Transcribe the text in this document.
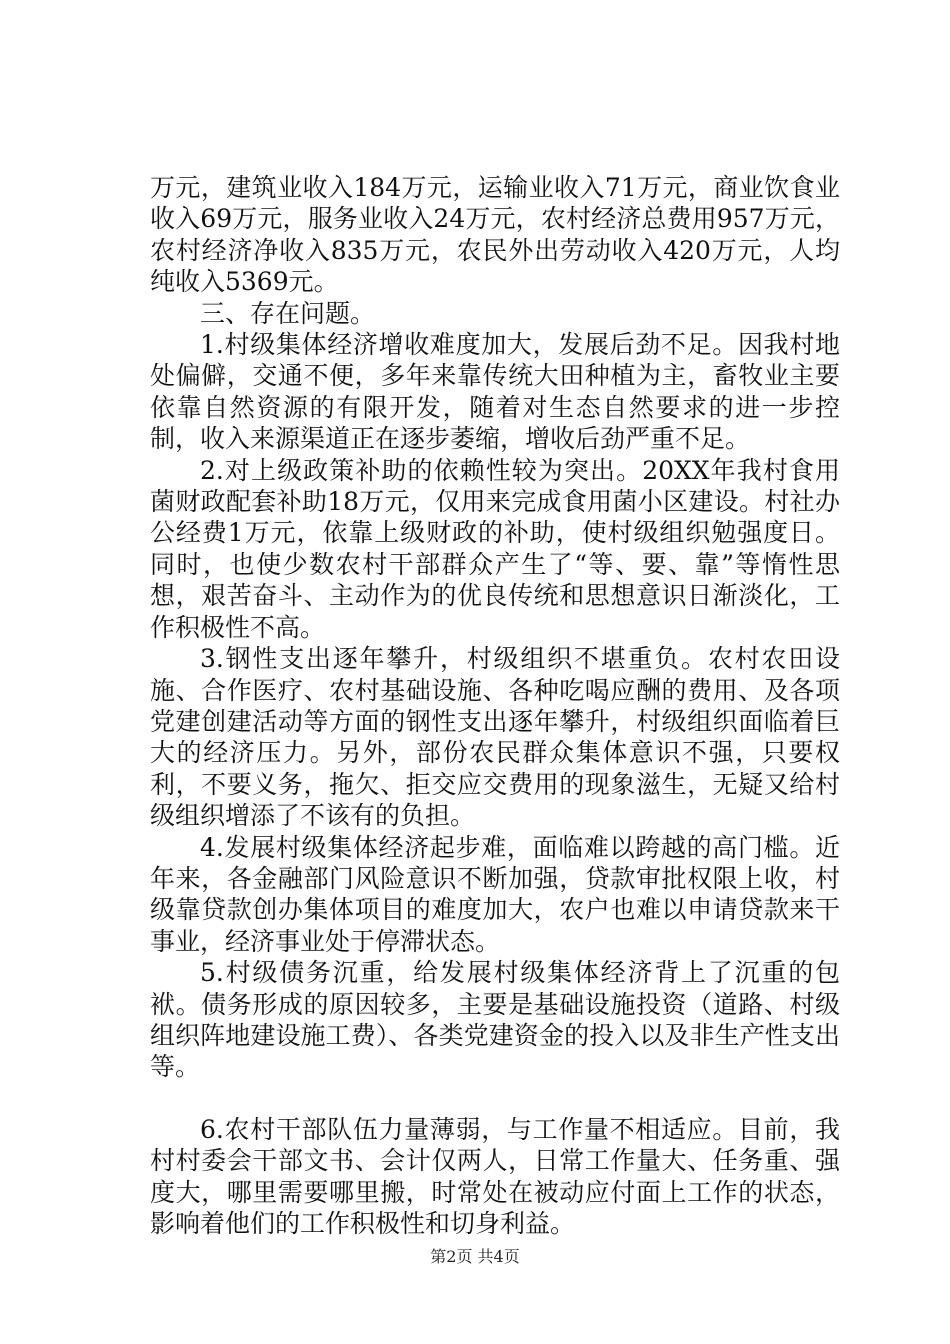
万元，建筑业收入184万元，运输业收入71万元，商业饮食业收入69万元，服务业收入24万元，农村经济总费用957万元，农村经济净收入835万元，农民外出劳动收入420万元，人均纯收入5369元。

三、存在问题。

1.村级集体经济增收难度加大，发展后劲不足。因我村地处偏僻，交通不便，多年来靠传统大田种植为主，畜牧业主要依靠自然资源的有限开发，随着对生态自然要求的进一步控制，收入来源渠道正在逐步萎缩，增收后劲严重不足。

2.对上级政策补助的依赖性较为突出。20XX年我村食用菌财政配套补助18万元，仅用来完成食用菌小区建设。村社办公经费1万元，依靠上级财政的补助，使村级组织勉强度日。同时，也使少数农村干部群众产生了“等、要、靠”等惰性思想，艰苦奋斗、主动作为的优良传统和思想意识日渐淡化，工作积极性不高。

3.钢性支出逐年攀升，村级组织不堪重负。农村农田设施、合作医疗、农村基础设施、各种吃喝应酬的费用、及各项党建创建活动等方面的钢性支出逐年攀升，村级组织面临着巨大的经济压力。另外，部份农民群众集体意识不强，只要权利，不要义务，拖欠、拒交应交费用的现象滋生，无疑又给村级组织增添了不该有的负担。

4.发展村级集体经济起步难，面临难以跨越的高门槛。近年来，各金融部门风险意识不断加强，贷款审批权限上收，村级靠贷款创办集体项目的难度加大，农户也难以申请贷款来干事业，经济事业处于停滞状态。

5.村级债务沉重，给发展村级集体经济背上了沉重的包袱。债务形成的原因较多，主要是基础设施投资（道路、村级组织阵地建设施工费）、各类党建资金的投入以及非生产性支出等。

6.农村干部队伍力量薄弱，与工作量不相适应。目前，我村村委会干部文书、会计仅两人，日常工作量大、任务重、强度大，哪里需要哪里搬，时常处在被动应付面上工作的状态，影响着他们的工作积极性和切身利益。

第2页 共4页
